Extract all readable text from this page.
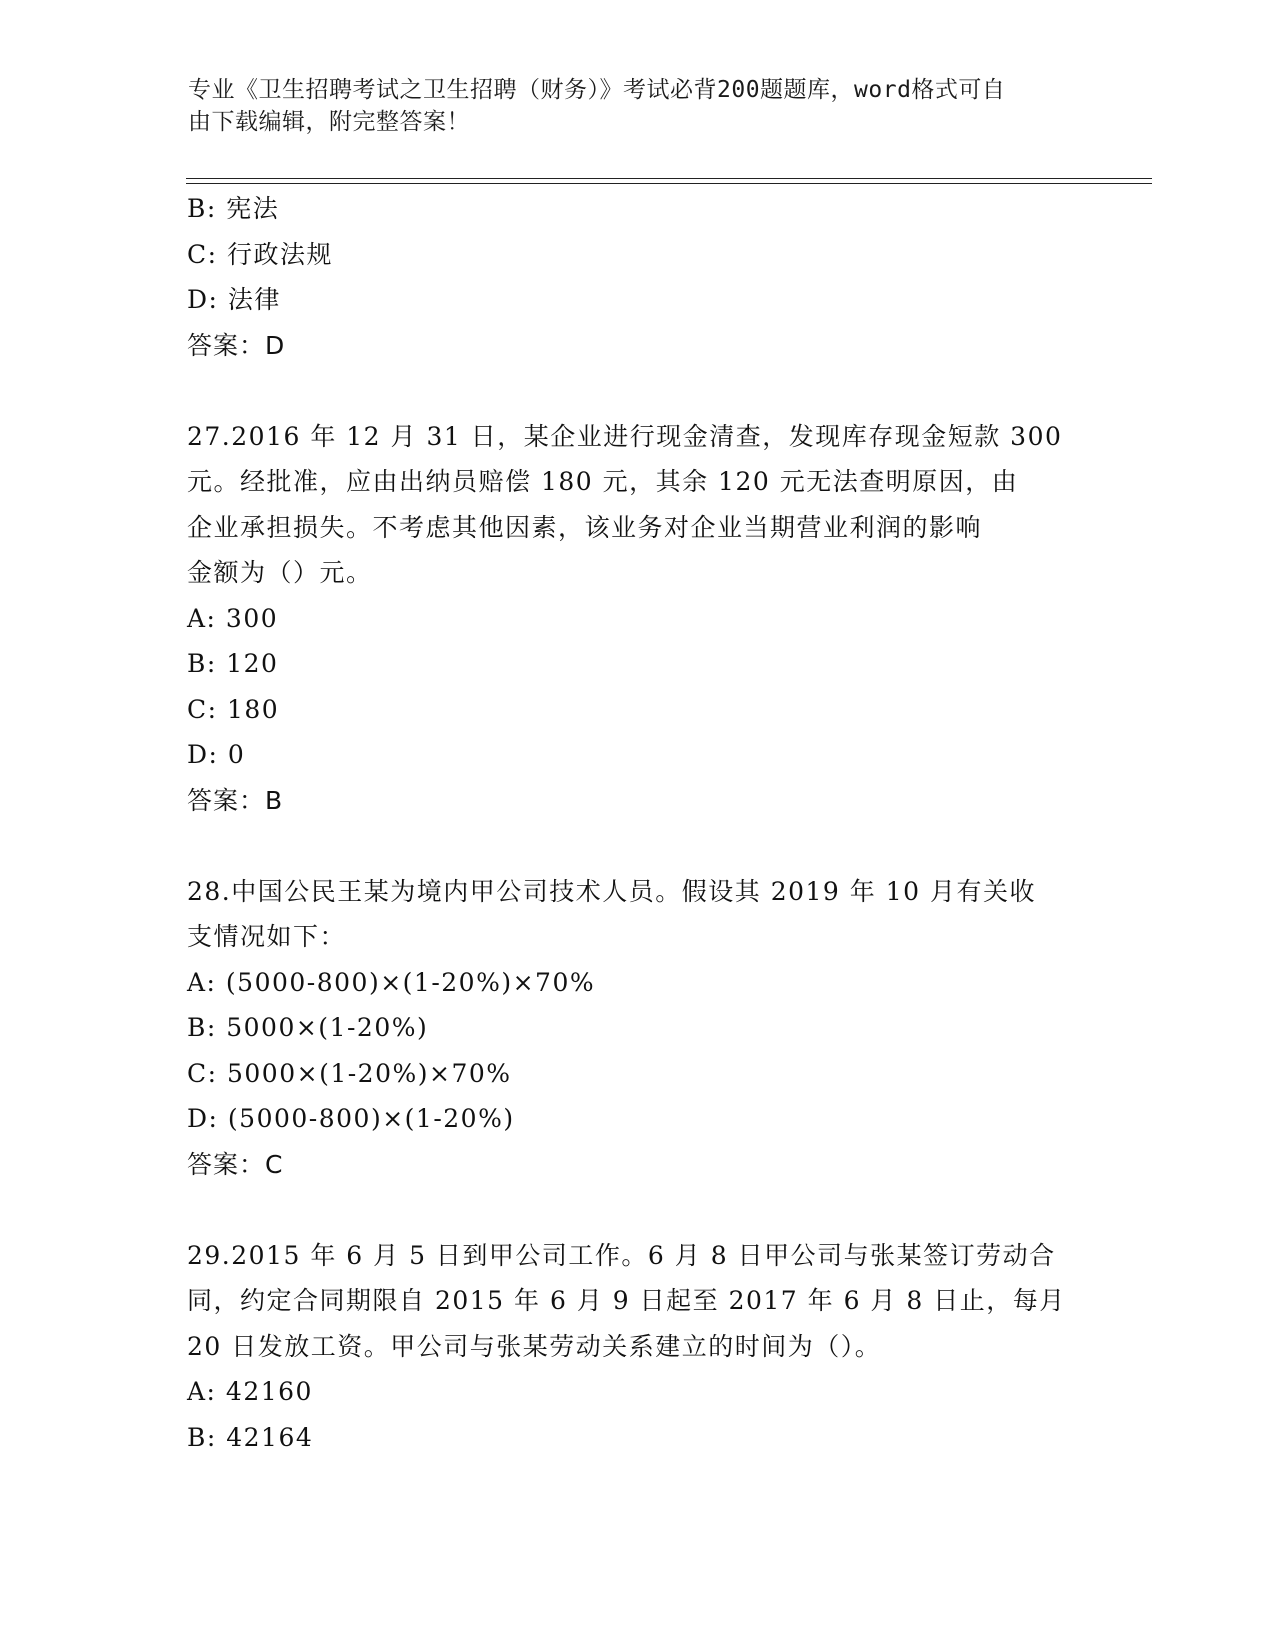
专业《卫生招聘考试之卫生招聘（财务）》考试必背200题题库，word格式可自
由下载编辑，附完整答案！
B: 宪法
C: 行政法规
D: 法律
答案：D
27.2016 年 12 月 31 日，某企业进行现金清查，发现库存现金短款 300
元。经批准，应由出纳员赔偿 180 元，其余 120 元无法查明原因，由
企业承担损失。不考虑其他因素，该业务对企业当期营业利润的影响
金额为（）元。
A: 300
B: 120
C: 180
D: 0
答案：B
28.中国公民王某为境内甲公司技术人员。假设其 2019 年 10 月有关收
支情况如下：
A: (5000-800)×(1-20%)×70%
B: 5000×(1-20%)
C: 5000×(1-20%)×70%
D: (5000-800)×(1-20%)
答案：C
29.2015 年 6 月 5 日到甲公司工作。6 月 8 日甲公司与张某签订劳动合
同，约定合同期限自 2015 年 6 月 9 日起至 2017 年 6 月 8 日止，每月
20 日发放工资。甲公司与张某劳动关系建立的时间为（）。
A: 42160
B: 42164
